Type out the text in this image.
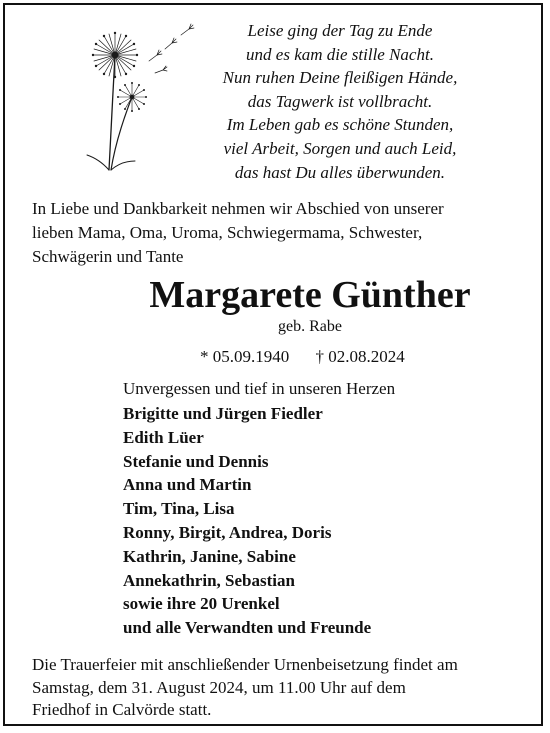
Leise ging der Tag zu Ende
und es kam die stille Nacht.
Nun ruhen Deine fleißigen Hände,
das Tagwerk ist vollbracht.
Im Leben gab es schöne Stunden,
viel Arbeit, Sorgen und auch Leid,
das hast Du alles überwunden.
In Liebe und Dankbarkeit nehmen wir Abschied von unserer
lieben Mama, Oma, Uroma, Schwiegermama, Schwester,
Schwägerin und Tante
Margarete Günther
geb. Rabe
* 05.09.1940 † 02.08.2024
Unvergessen und tief in unseren Herzen
Brigitte und Jürgen Fiedler
Edith Lüer
Stefanie und Dennis
Anna und Martin
Tim, Tina, Lisa
Ronny, Birgit, Andrea, Doris
Kathrin, Janine, Sabine
Annekathrin, Sebastian
sowie ihre 20 Urenkel
und alle Verwandten und Freunde
Die Trauerfeier mit anschließender Urnenbeisetzung findet am
Samstag, dem 31. August 2024, um 11.00 Uhr auf dem
Friedhof in Calvörde statt.
